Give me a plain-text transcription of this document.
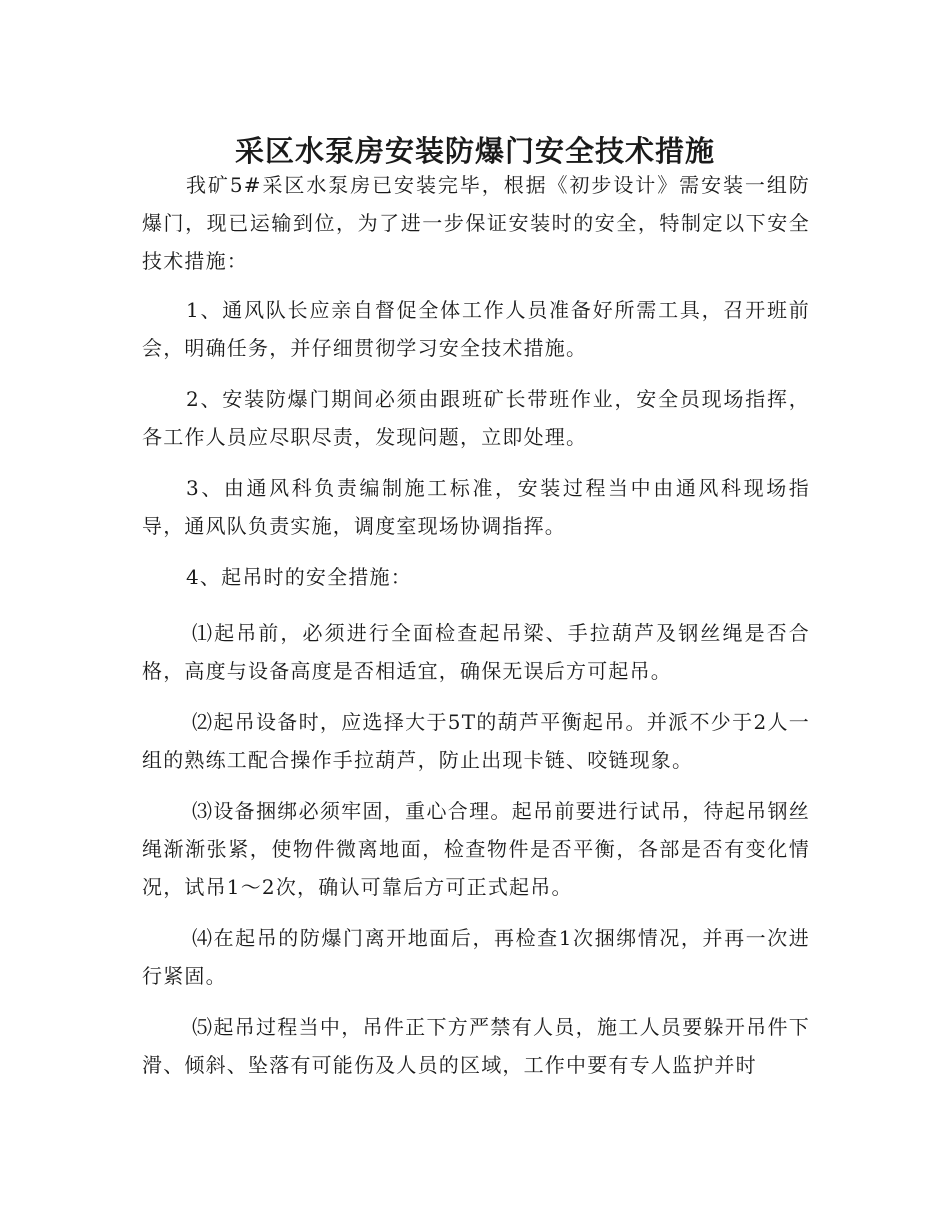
采区水泵房安装防爆门安全技术措施

我矿5#采区水泵房已安装完毕，根据《初步设计》需安装一组防爆门，现已运输到位，为了进一步保证安装时的安全，特制定以下安全技术措施：

1、通风队长应亲自督促全体工作人员准备好所需工具，召开班前会，明确任务，并仔细贯彻学习安全技术措施。

2、安装防爆门期间必须由跟班矿长带班作业，安全员现场指挥，各工作人员应尽职尽责，发现问题，立即处理。

3、由通风科负责编制施工标准，安装过程当中由通风科现场指导，通风队负责实施，调度室现场协调指挥。

4、起吊时的安全措施：

⑴起吊前，必须进行全面检查起吊梁、手拉葫芦及钢丝绳是否合格，高度与设备高度是否相适宜，确保无误后方可起吊。

⑵起吊设备时，应选择大于5T的葫芦平衡起吊。并派不少于2人一组的熟练工配合操作手拉葫芦，防止出现卡链、咬链现象。

⑶设备捆绑必须牢固，重心合理。起吊前要进行试吊，待起吊钢丝绳渐渐张紧，使物件微离地面，检查物件是否平衡，各部是否有变化情况，试吊1～2次，确认可靠后方可正式起吊。

⑷在起吊的防爆门离开地面后，再检查1次捆绑情况，并再一次进行紧固。

⑸起吊过程当中，吊件正下方严禁有人员，施工人员要躲开吊件下滑、倾斜、坠落有可能伤及人员的区域，工作中要有专人监护并时
